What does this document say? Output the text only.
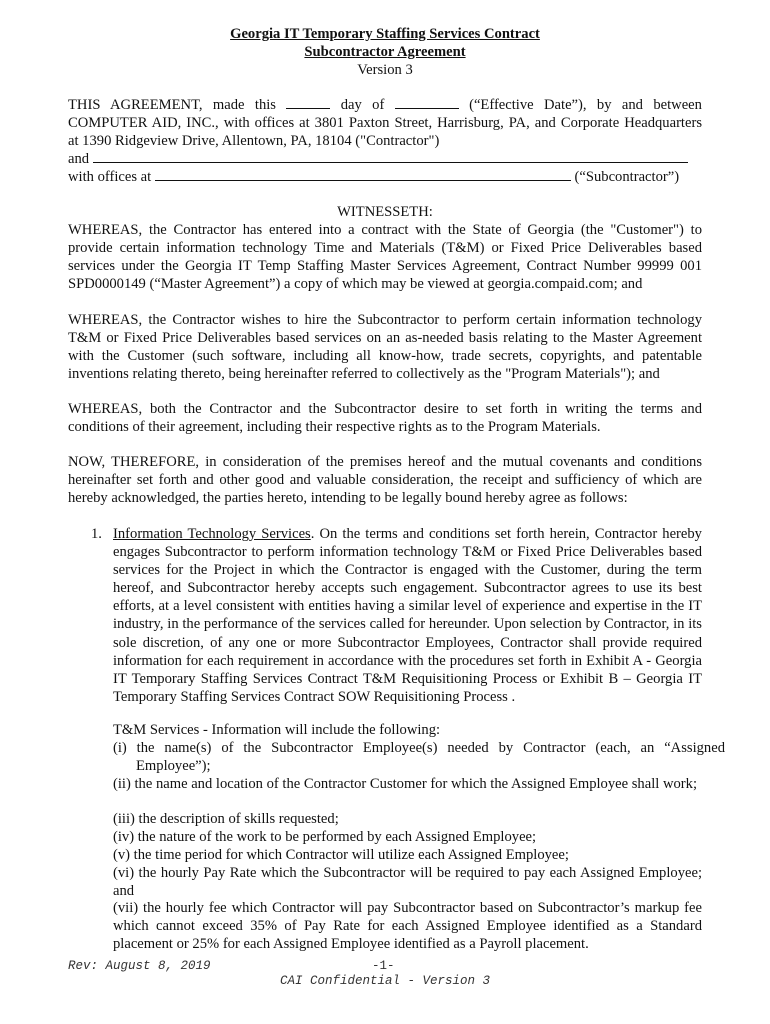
Georgia IT Temporary Staffing Services Contract
Subcontractor Agreement
Version 3
THIS AGREEMENT, made this	day of	(“Effective Date”), by and between
COMPUTER AID, INC., with offices at 3801 Paxton Street, Harrisburg, PA, and Corporate Headquarters
at 1390 Ridgeview Drive, Allentown, PA, 18104 ("Contractor")
and
with offices at	(“Subcontractor”)
WITNESSETH:
WHEREAS, the Contractor has entered into a contract with the State of Georgia (the "Customer") to provide certain information technology Time and Materials (T&M) or Fixed Price Deliverables based services under the Georgia IT Temp Staffing Master Services Agreement, Contract Number 99999 001 SPD0000149 (“Master Agreement”) a copy of which may be viewed at georgia.compaid.com; and
WHEREAS, the Contractor wishes to hire the Subcontractor to perform certain information technology T&M or Fixed Price Deliverables based services on an as-needed basis relating to the Master Agreement with the Customer (such software, including all know-how, trade secrets, copyrights, and patentable inventions relating thereto, being hereinafter referred to collectively as the "Program Materials"); and
WHEREAS, both the Contractor and the Subcontractor desire to set forth in writing the terms and conditions of their agreement, including their respective rights as to the Program Materials.
NOW, THEREFORE, in consideration of the premises hereof and the mutual covenants and conditions hereinafter set forth and other good and valuable consideration, the receipt and sufficiency of which are hereby acknowledged, the parties hereto, intending to be legally bound hereby agree as follows:
1. Information Technology Services. On the terms and conditions set forth herein, Contractor hereby engages Subcontractor to perform information technology T&M or Fixed Price Deliverables based services for the Project in which the Contractor is engaged with the Customer, during the term hereof, and Subcontractor hereby accepts such engagement. Subcontractor agrees to use its best efforts, at a level consistent with entities having a similar level of experience and expertise in the IT industry, in the performance of the services called for hereunder. Upon selection by Contractor, in its sole discretion, of any one or more Subcontractor Employees, Contractor shall provide required information for each requirement in accordance with the procedures set forth in Exhibit A - Georgia IT Temporary Staffing Services Contract T&M Requisitioning Process or Exhibit B – Georgia IT Temporary Staffing Services Contract SOW Requisitioning Process .
T&M Services - Information will include the following:
(i) the name(s) of the Subcontractor Employee(s) needed by Contractor (each, an “Assigned Employee”);
(ii) the name and location of the Contractor Customer for which the Assigned Employee shall work;
(iii) the description of skills requested;
(iv) the nature of the work to be performed by each Assigned Employee;
(v) the time period for which Contractor will utilize each Assigned Employee;
(vi) the hourly Pay Rate which the Subcontractor will be required to pay each Assigned Employee; and
(vii) the hourly fee which Contractor will pay Subcontractor based on Subcontractor’s markup fee which cannot exceed 35% of Pay Rate for each Assigned Employee identified as a Standard placement or 25% for each Assigned Employee identified as a Payroll placement.
Rev: August 8, 2019	-1-
CAI Confidential - Version 3
